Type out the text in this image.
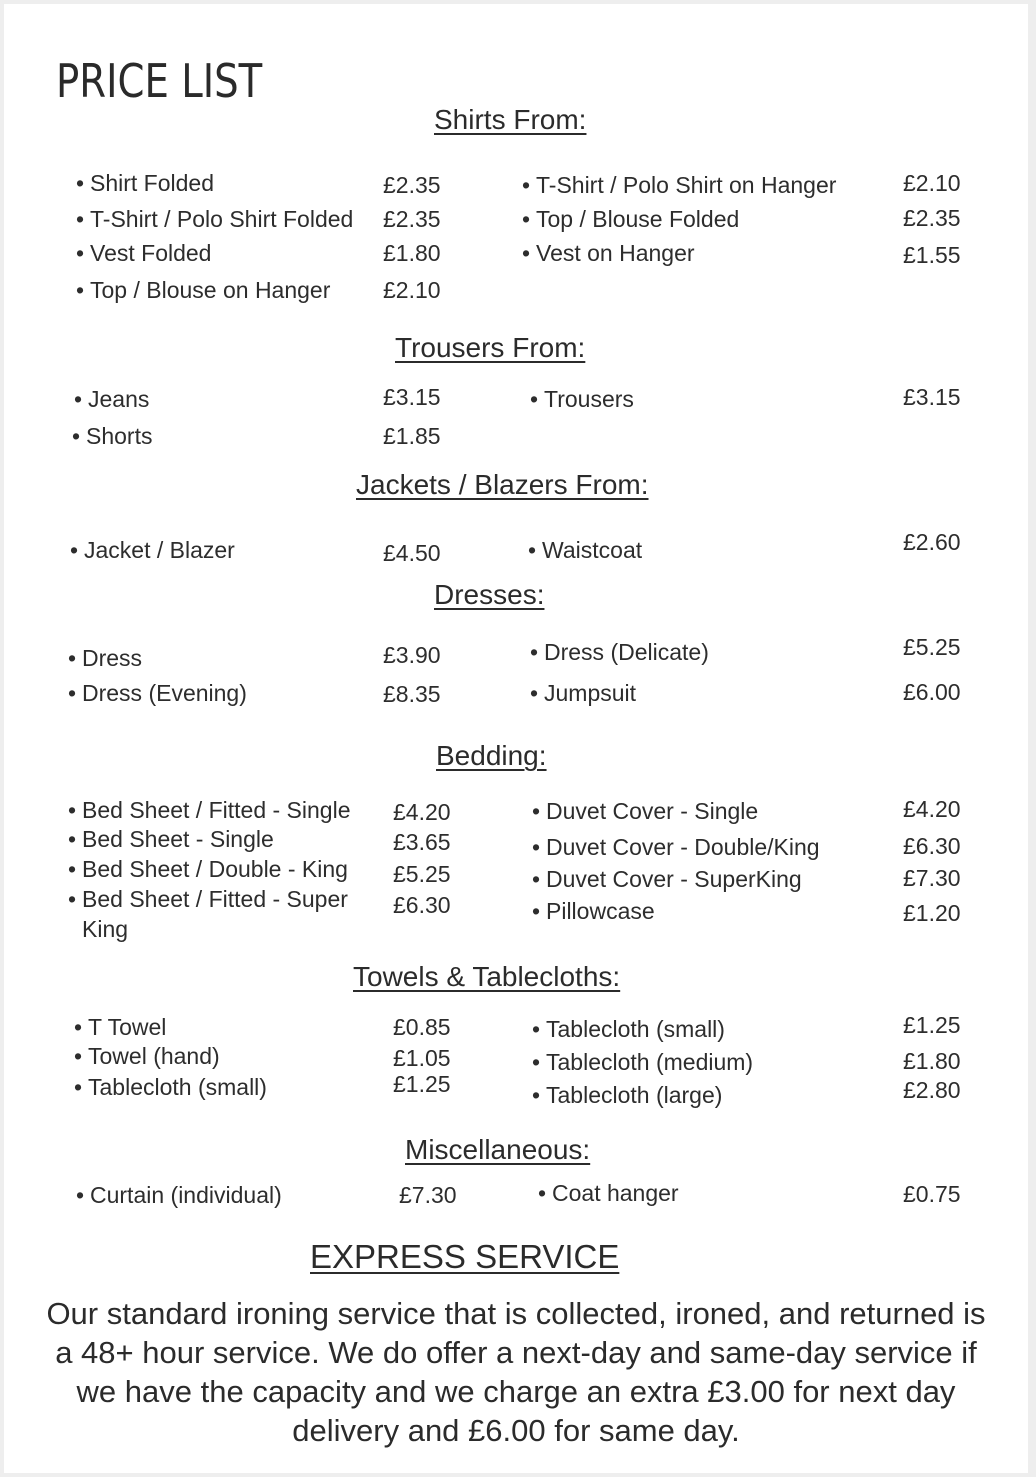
PRICE LIST
Shirts From:
• Shirt Folded	£2.35
• T-Shirt / Polo Shirt Folded £2.35
• Vest Folded	£1.80
• Top / Blouse on Hanger £2.10
• T-Shirt / Polo Shirt on Hanger	£2.10
• Top / Blouse Folded	£2.35
• Vest on Hanger	£1.55
Trousers From:
• Jeans	£3.15
• Shorts	£1.85
• Trousers	£3.15
Jackets / Blazers From:
• Jacket / Blazer	£4.50	• Waistcoat	£2.60
Dresses:
• Dress	£3.90
• Dress (Evening)	£8.35
• Dress (Delicate)	£5.25
• Jumpsuit	£6.00
Bedding:
• Bed Sheet / Fitted - Single £4.20
• Bed Sheet - Single	£3.65
• Bed Sheet / Double - King £5.25
• Bed Sheet / Fitted - Super King
£6.30
• Duvet Cover - Single	£4.20
• Duvet Cover - Double/King	£6.30
• Duvet Cover - SuperKing	£7.30
• Pillowcase	£1.20
Towels & Tablecloths:
• T Towel	£0.85
• Towel (hand)	£1.05
• Tablecloth (small)	£1.25
• Tablecloth (small)	£1.25
• Tablecloth (medium)	£1.80
• Tablecloth (large)	£2.80
Miscellaneous:
• Curtain (individual)	£7.30	• Coat hanger	£0.75
EXPRESS SERVICE
Our standard ironing service that is collected, ironed, and returned is a 48+ hour service. We do offer a next-day and same-day service if we have the capacity and we charge an extra £3.00 for next day delivery and £6.00 for same day.
